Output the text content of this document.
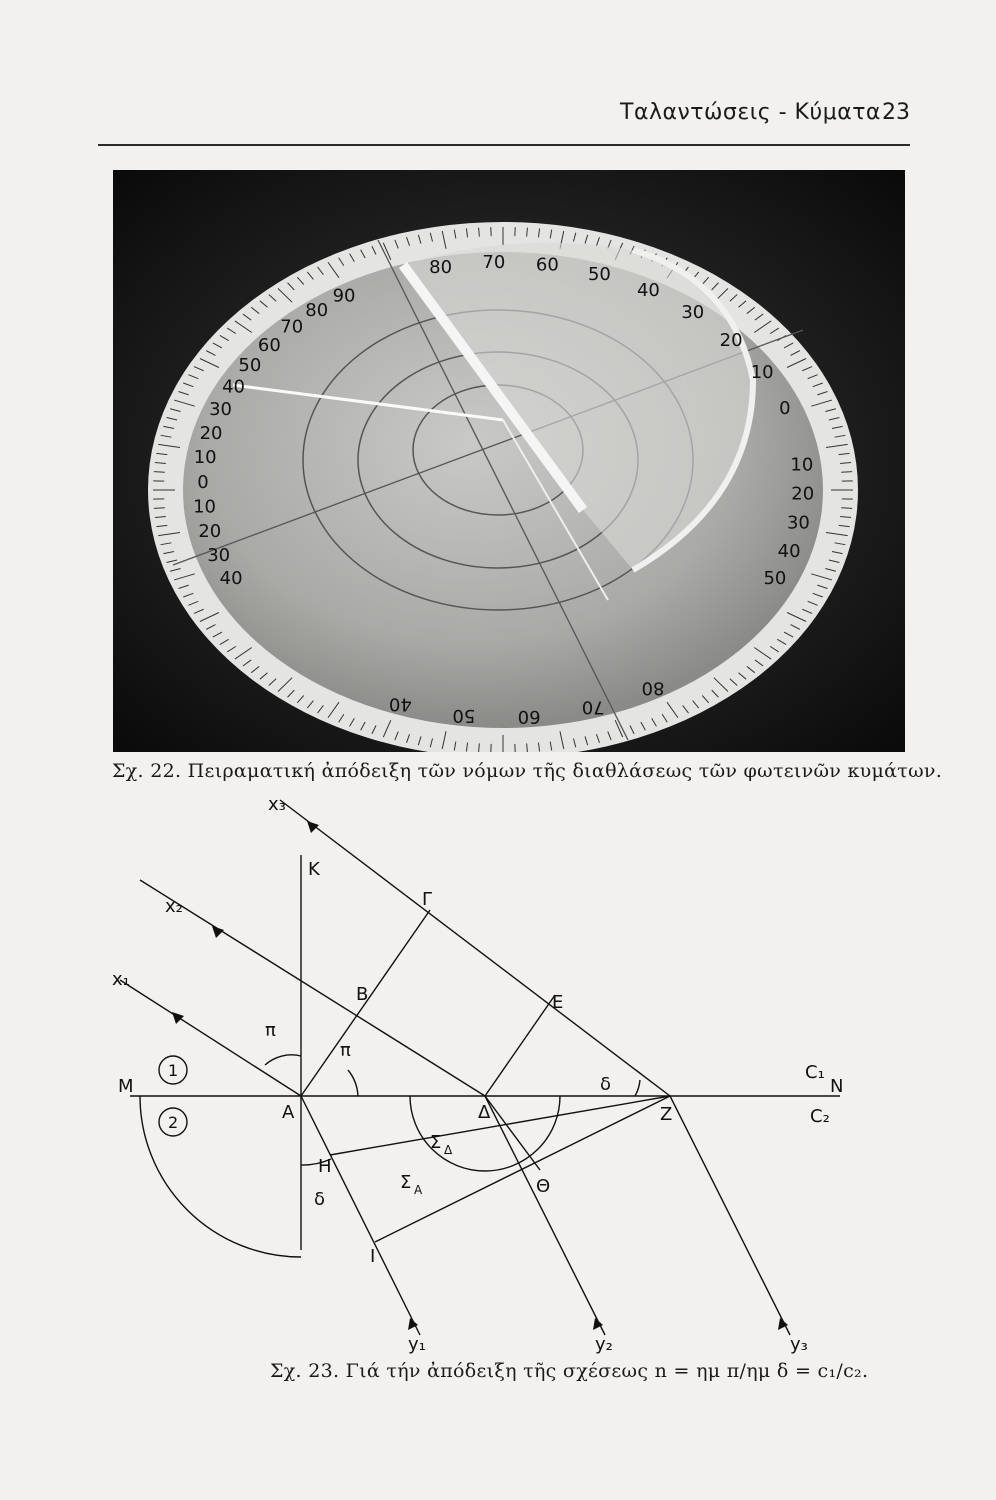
Ταλαντώσεις - Κύματα 23
80 70 60 50
40
30
20
10
0
90
80
70
60
50
40
30
20
10
0
10
20
30
40
10
20
30
40
50
40
50 60 70
80
Σχ. 22. Πειραματική ἀπόδειξη τῶν νόμων τῆς διαθλάσεως τῶν φωτεινῶν κυμάτων.
x₁
x₂
x₃
K
Γ
B	E
π
π
M
1
2	A	Δ	Z
δ
C₁
N
C₂
Σ Δ
H
Θ
Σ A
δ
I
y₁	y₂	y₃
Σχ. 23. Γιά τήν ἀπόδειξη τῆς σχέσεως n = ημ π/ημ δ = c₁/c₂.
